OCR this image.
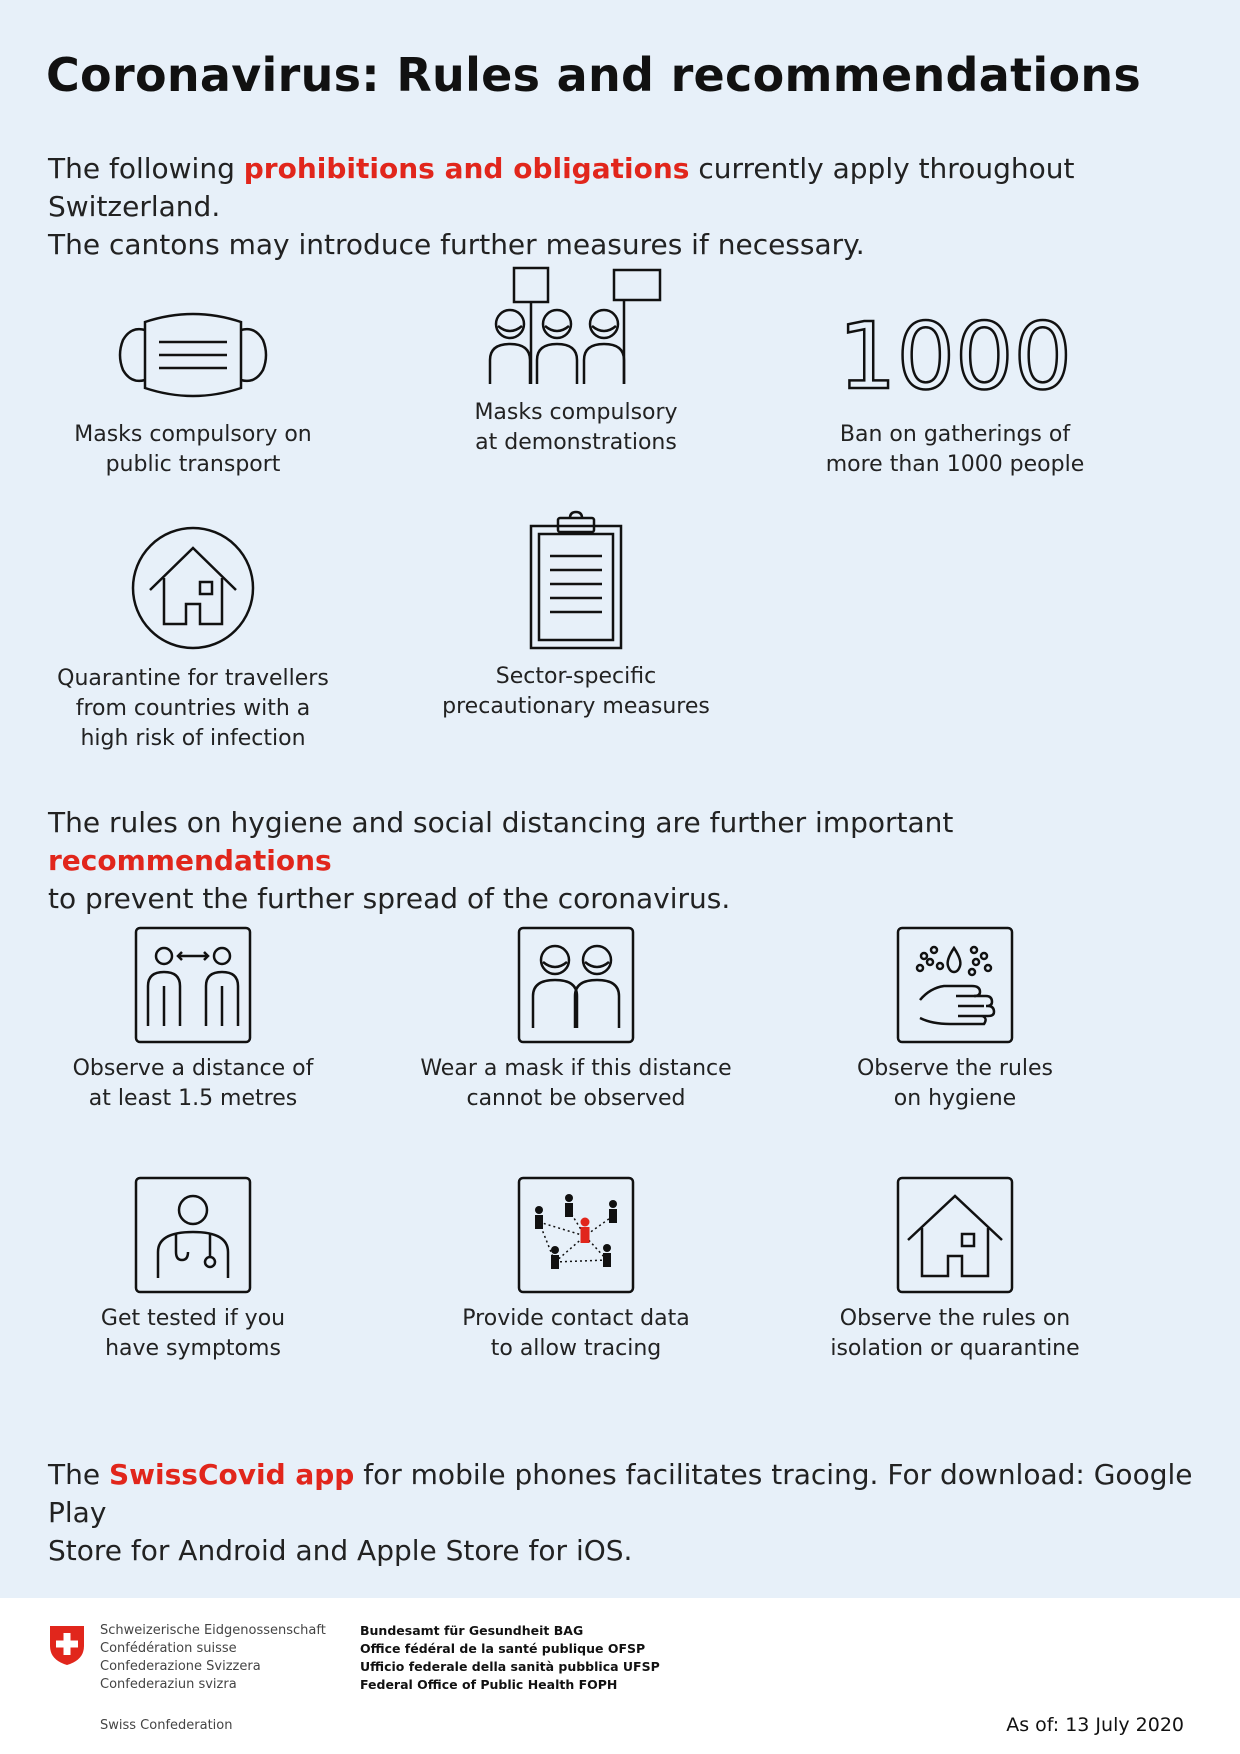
Coronavirus: Rules and recommendations

The following prohibitions and obligations currently apply throughout Switzerland.
The cantons may introduce further measures if necessary.

Masks compulsory on
public transport
Masks compulsory
at demonstrations
1000
Ban on gatherings of
more than 1000 people
Quarantine for travellers
from countries with a
high risk of infection
Sector-specific
precautionary measures

The rules on hygiene and social distancing are further important recommendations
to prevent the further spread of the coronavirus.

Observe a distance of
at least 1.5 metres
Wear a mask if this distance
cannot be observed
Observe the rules
on hygiene
Get tested if you
have symptoms
Provide contact data
to allow tracing
Observe the rules on
isolation or quarantine

The SwissCovid app for mobile phones facilitates tracing. For download: Google Play
Store for Android and Apple Store for iOS.

Schweizerische Eidgenossenschaft
Confédération suisse
Confederazione Svizzera
Confederaziun svizra
Swiss Confederation
Bundesamt für Gesundheit BAG
Office fédéral de la santé publique OFSP
Ufficio federale della sanità pubblica UFSP
Federal Office of Public Health FOPH
As of: 13 July 2020
